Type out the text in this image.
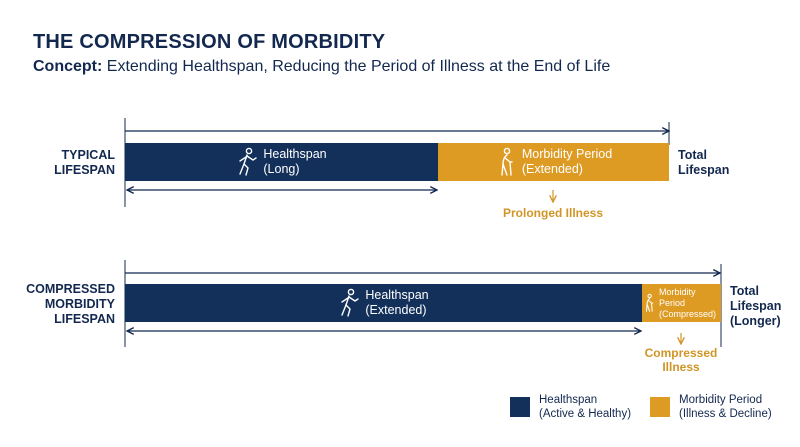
THE COMPRESSION OF MORBIDITY
Concept: Extending Healthspan, Reducing the Period of Illness at the End of Life
TYPICAL
LIFESPAN
Healthspan
(Long)
Morbidity Period
(Extended)
Total
Lifespan
Prolonged Illness
COMPRESSED
MORBIDITY
LIFESPAN
Healthspan
(Extended)
Morbidity Period (Compressed)
Total
Lifespan
(Longer)
Compressed
Illness
Healthspan
(Active & Healthy)
Morbidity Period
(Illness & Decline)
